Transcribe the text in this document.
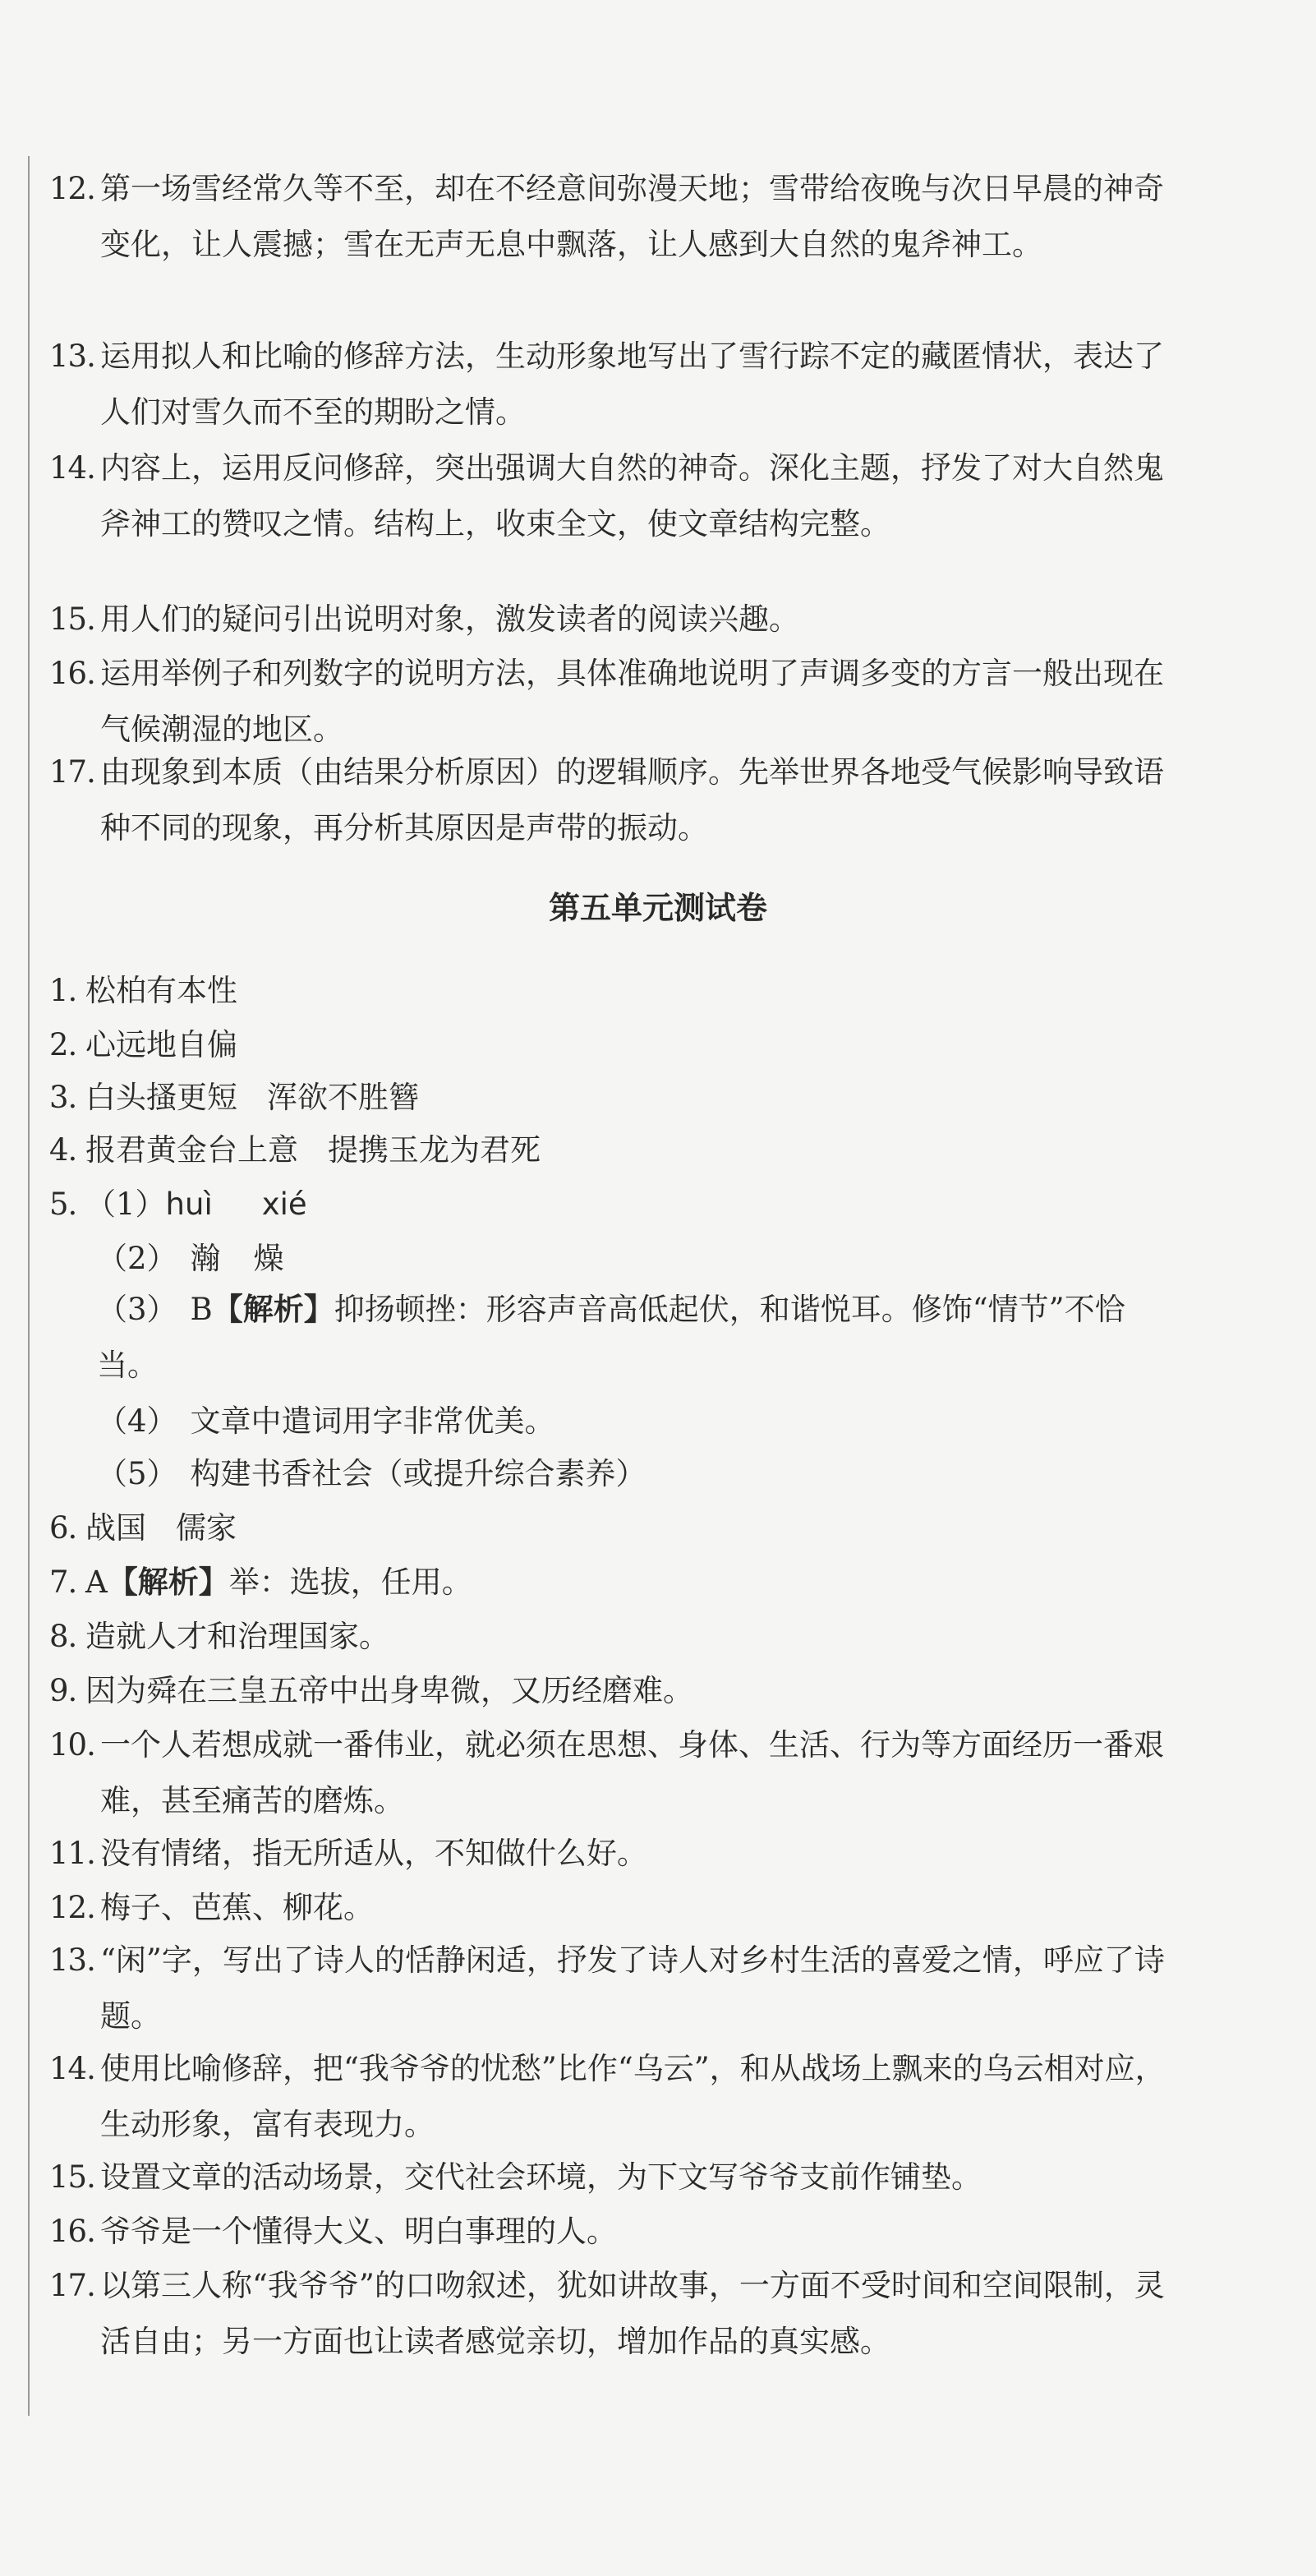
12. 第一场雪经常久等不至，却在不经意间弥漫天地；雪带给夜晚与次日早晨的神奇变化，让人震撼；雪在无声无息中飘落，让人感到大自然的鬼斧神工。
13. 运用拟人和比喻的修辞方法，生动形象地写出了雪行踪不定的藏匿情状，表达了人们对雪久而不至的期盼之情。
14. 内容上，运用反问修辞，突出强调大自然的神奇。深化主题，抒发了对大自然鬼斧神工的赞叹之情。结构上，收束全文，使文章结构完整。
15. 用人们的疑问引出说明对象，激发读者的阅读兴趣。
16. 运用举例子和列数字的说明方法，具体准确地说明了声调多变的方言一般出现在气候潮湿的地区。
17. 由现象到本质（由结果分析原因）的逻辑顺序。先举世界各地受气候影响导致语种不同的现象，再分析其原因是声带的振动。
第五单元测试卷
1. 松柏有本性
2. 心远地自偏
3. 白头搔更短 浑欲不胜簪
4. 报君黄金台上意 提携玉龙为君死
5. （1）huì xié
（2） 瀚 燥
（3） B【解析】抑扬顿挫：形容声音高低起伏，和谐悦耳。修饰“情节”不恰当。
（4） 文章中遣词用字非常优美。
（5） 构建书香社会（或提升综合素养）
6. 战国 儒家
7. A【解析】举：选拔，任用。
8. 造就人才和治理国家。
9. 因为舜在三皇五帝中出身卑微，又历经磨难。
10. 一个人若想成就一番伟业，就必须在思想、身体、生活、行为等方面经历一番艰难，甚至痛苦的磨炼。
11. 没有情绪，指无所适从，不知做什么好。
12. 梅子、芭蕉、柳花。
13. “闲”字，写出了诗人的恬静闲适，抒发了诗人对乡村生活的喜爱之情，呼应了诗题。
14. 使用比喻修辞，把“我爷爷的忧愁”比作“乌云”，和从战场上飘来的乌云相对应，生动形象，富有表现力。
15. 设置文章的活动场景，交代社会环境，为下文写爷爷支前作铺垫。
16. 爷爷是一个懂得大义、明白事理的人。
17. 以第三人称“我爷爷”的口吻叙述，犹如讲故事，一方面不受时间和空间限制，灵活自由；另一方面也让读者感觉亲切，增加作品的真实感。
